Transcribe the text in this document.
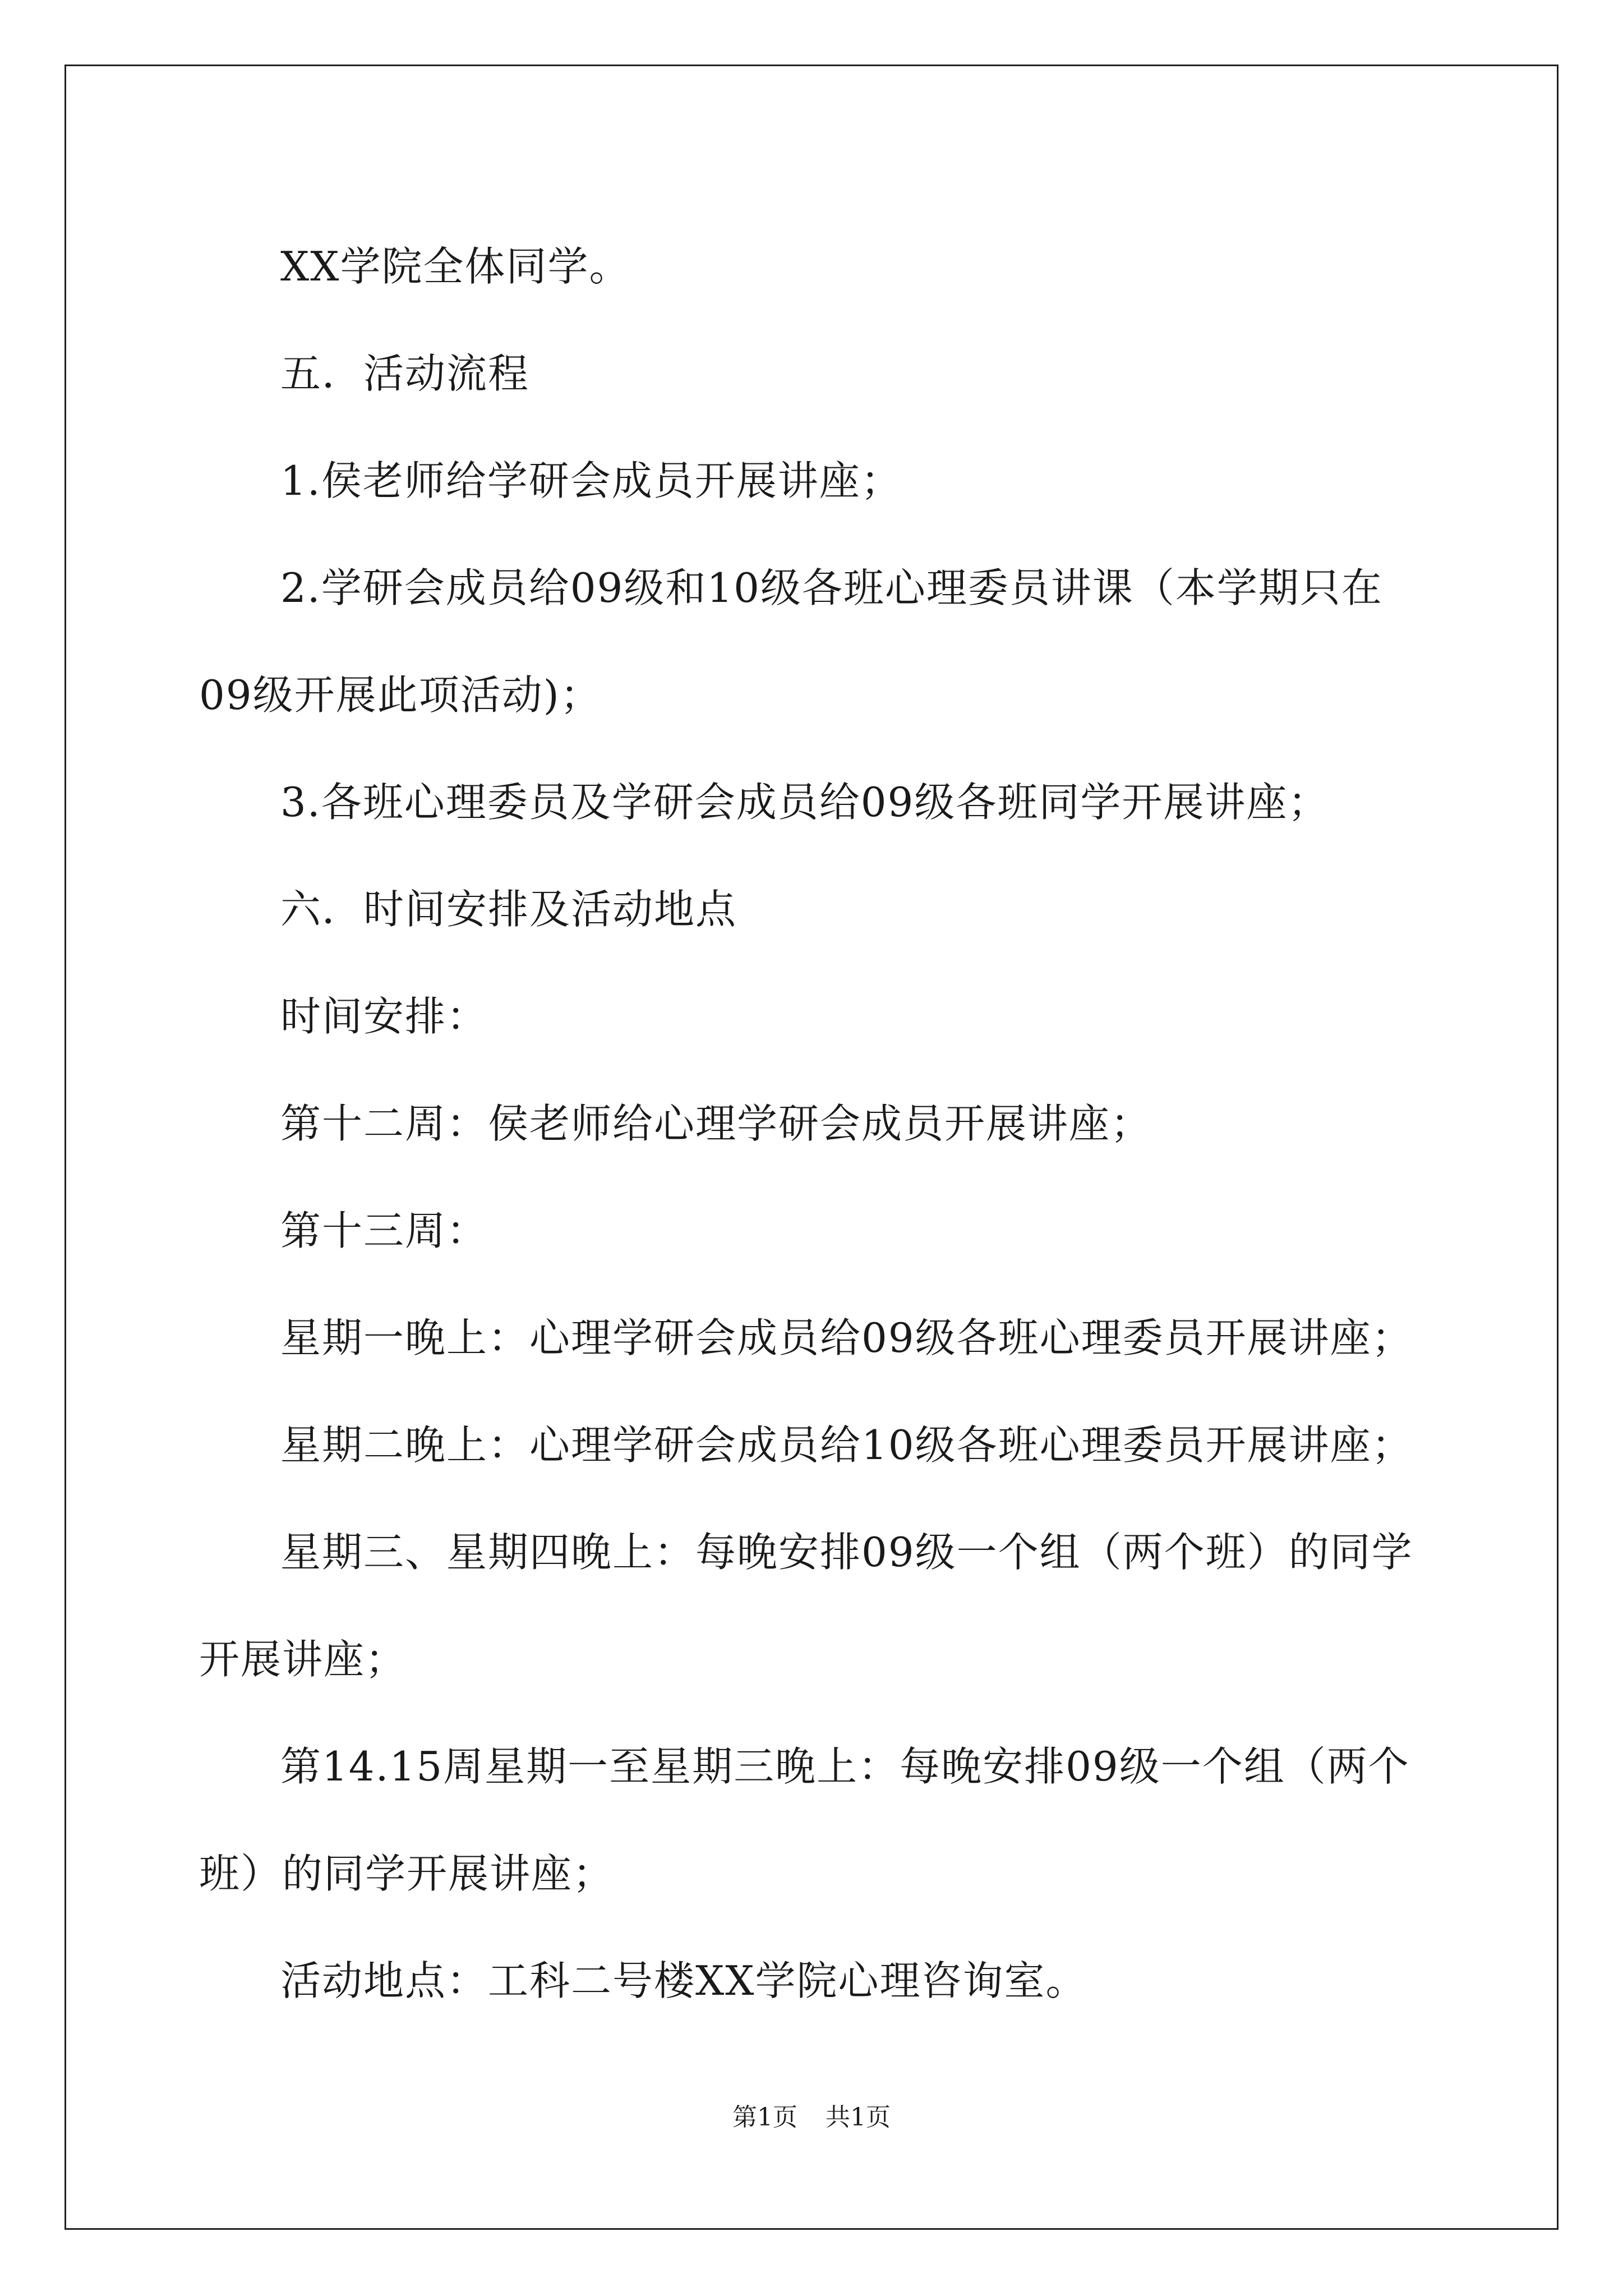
XX学院全体同学。

五．活动流程

1.侯老师给学研会成员开展讲座；

2.学研会成员给09级和10级各班心理委员讲课（本学期只在09级开展此项活动)；

3.各班心理委员及学研会成员给09级各班同学开展讲座；

六．时间安排及活动地点

时间安排：

第十二周：侯老师给心理学研会成员开展讲座；

第十三周：

星期一晚上：心理学研会成员给09级各班心理委员开展讲座；

星期二晚上：心理学研会成员给10级各班心理委员开展讲座；

星期三、星期四晚上：每晚安排09级一个组（两个班）的同学开展讲座；

第14.15周星期一至星期三晚上：每晚安排09级一个组（两个班）的同学开展讲座；

活动地点：工科二号楼XX学院心理咨询室。

第1页 共1页
